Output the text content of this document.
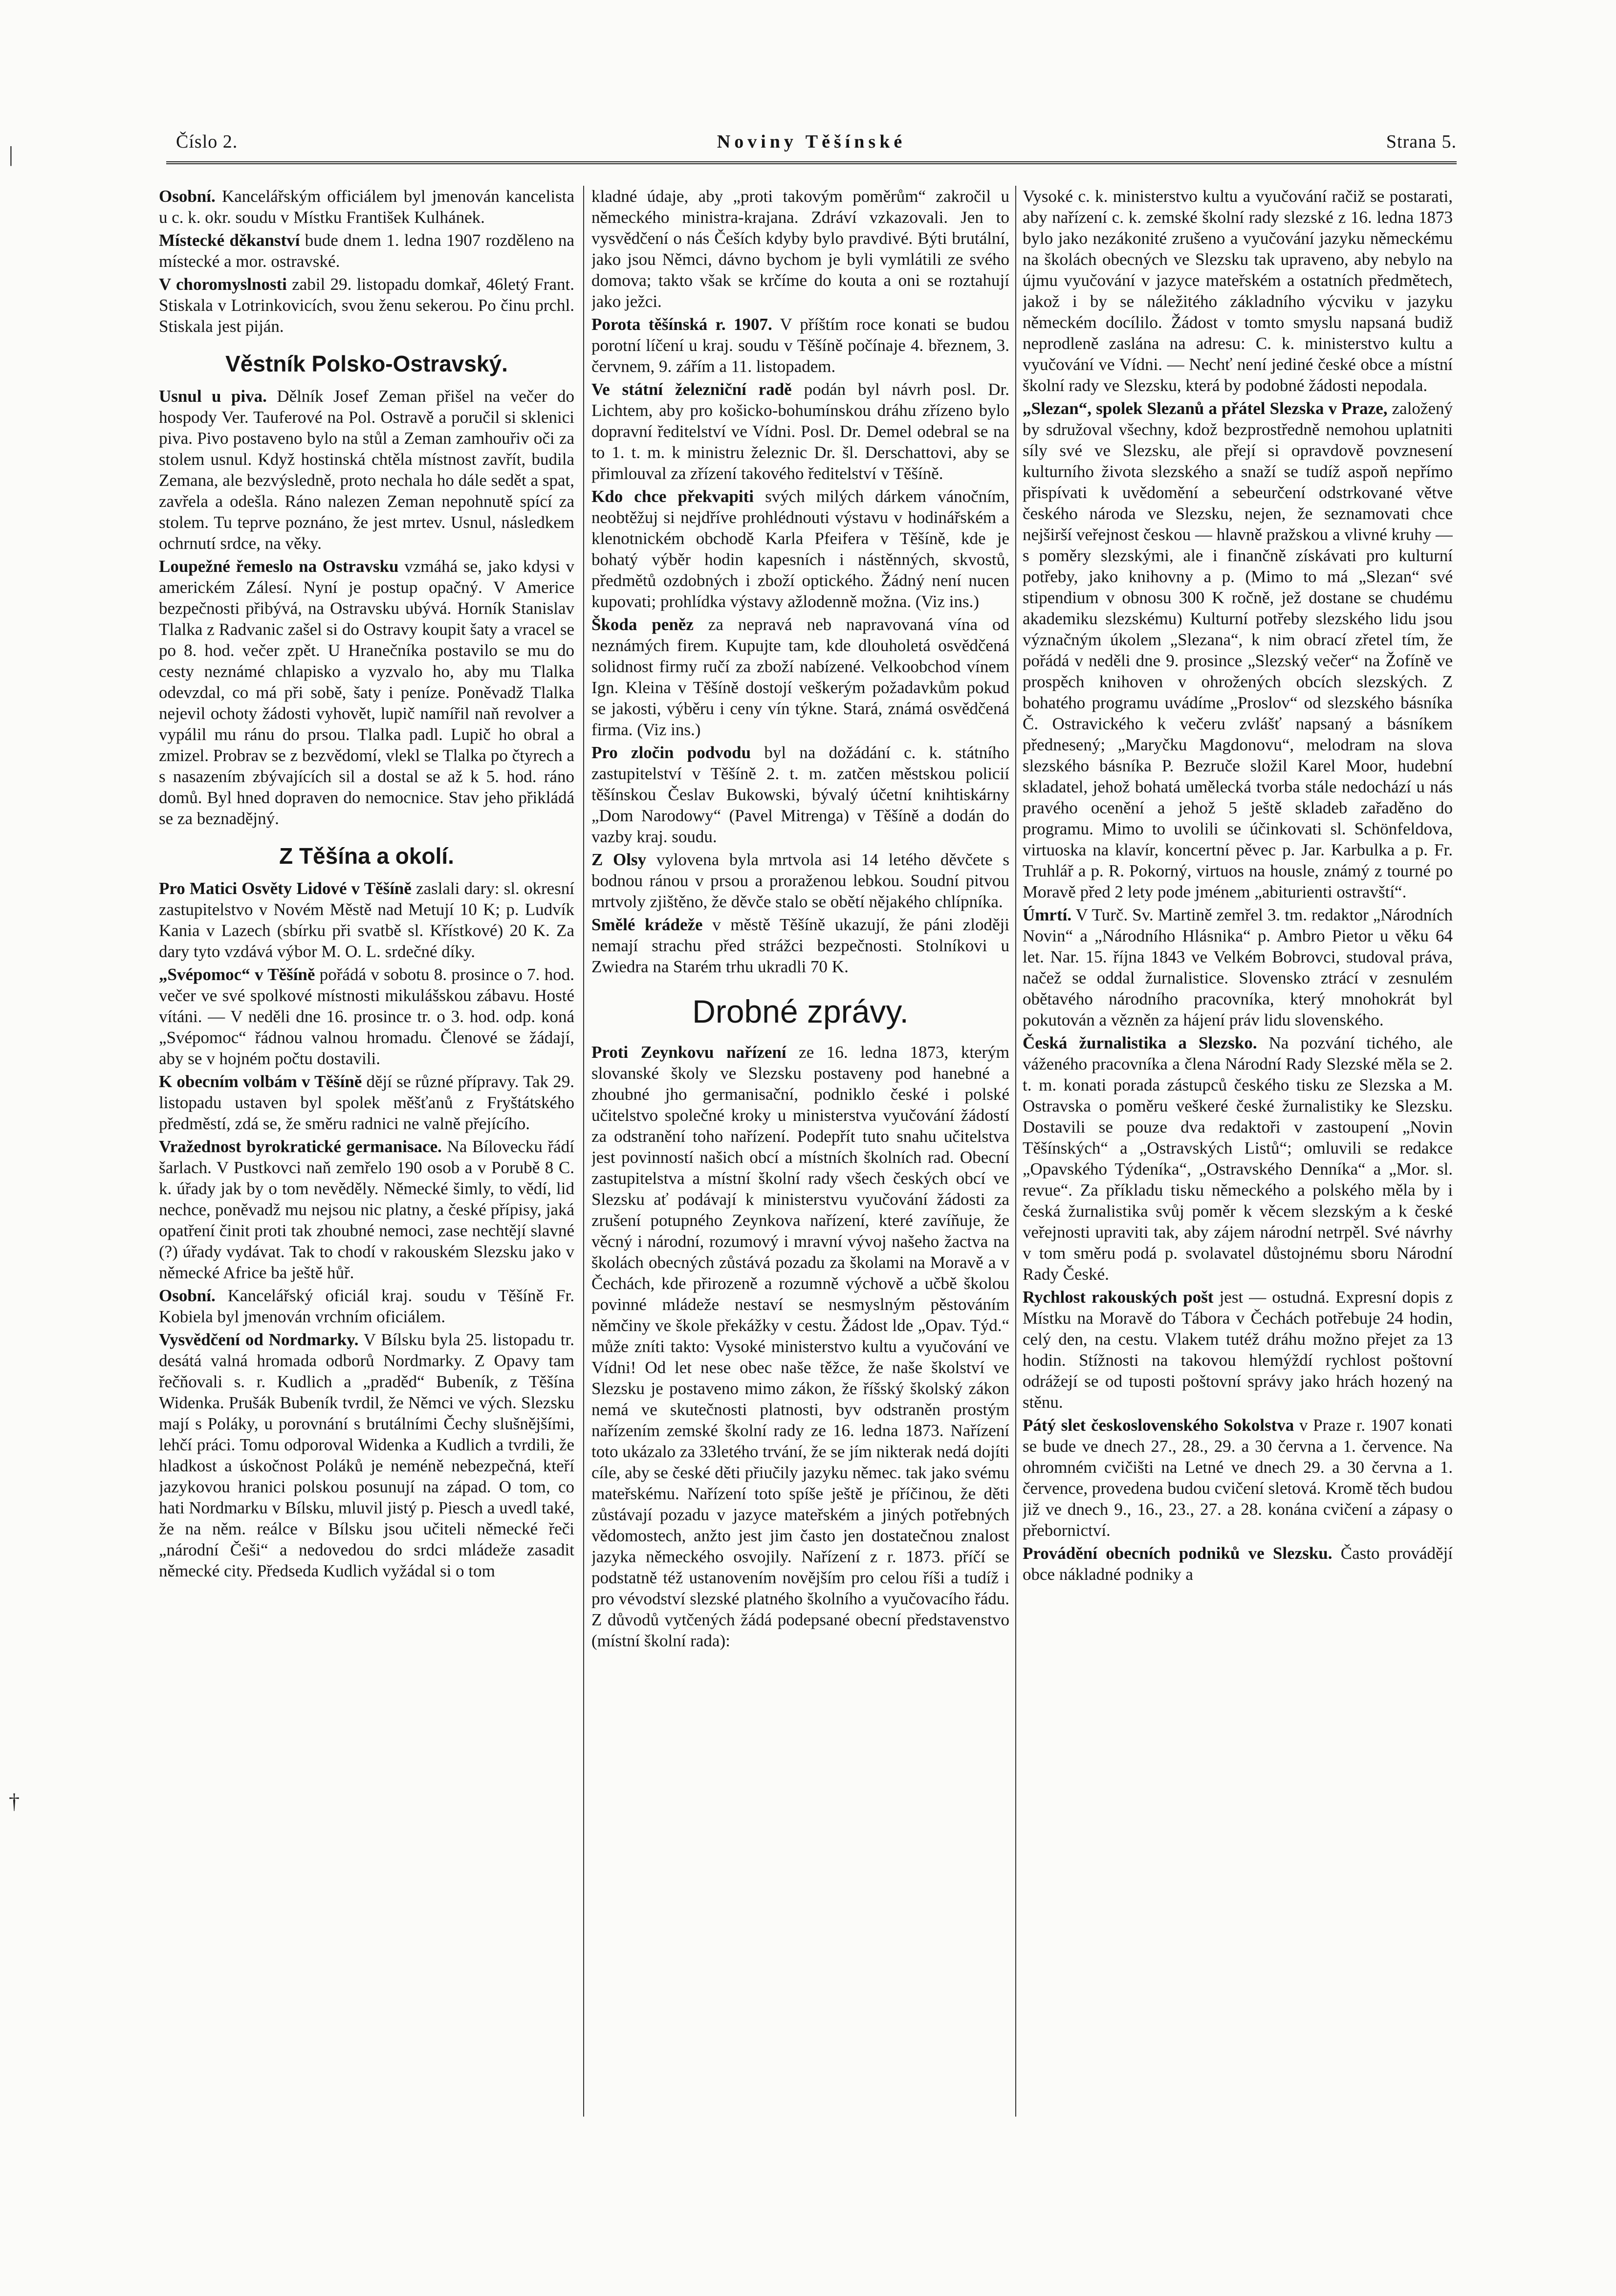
|
†
Číslo 2.	Noviny Těšínské	Strana 5.

Osobní. Kancelářským officiálem byl jmenován kancelista u c. k. okr. soudu v Místku František Kulhánek.

Místecké děkanství bude dnem 1. ledna 1907 rozděleno na místecké a mor. ostravské.

V choromyslnosti zabil 29. listopadu domkař, 46letý Frant. Stiskala v Lotrinkovicích, svou ženu sekerou. Po činu prchl. Stiskala jest piján.

Věstník Polsko-Ostravský.

Usnul u piva. Dělník Josef Zeman přišel na večer do hospody Ver. Tauferové na Pol. Ostravě a poručil si sklenici piva. Pivo postaveno bylo na stůl a Zeman zamhouřiv oči za stolem usnul. Když hostinská chtěla místnost zavřít, budila Zemana, ale bezvýsledně, proto nechala ho dále sedět a spat, zavřela a odešla. Ráno nalezen Zeman nepohnutě spící za stolem. Tu teprve poznáno, že jest mrtev. Usnul, následkem ochrnutí srdce, na věky.

Loupežné řemeslo na Ostravsku vzmáhá se, jako kdysi v americkém Zálesí. Nyní je postup opačný. V Americe bezpečnosti přibývá, na Ostravsku ubývá. Horník Stanislav Tlalka z Radvanic zašel si do Ostravy koupit šaty a vracel se po 8. hod. večer zpět. U Hranečníka postavilo se mu do cesty neznámé chlapisko a vyzvalo ho, aby mu Tlalka odevzdal, co má při sobě, šaty i peníze. Poněvadž Tlalka nejevil ochoty žádosti vyhovět, lupič namířil naň revolver a vypálil mu ránu do prsou. Tlalka padl. Lupič ho obral a zmizel. Probrav se z bezvědomí, vlekl se Tlalka po čtyrech a s nasazením zbývajících sil a dostal se až k 5. hod. ráno domů. Byl hned dopraven do nemocnice. Stav jeho přikládá se za beznadějný.

Z Těšína a okolí.

Pro Matici Osvěty Lidové v Těšíně zaslali dary: sl. okresní zastupitelstvo v Novém Městě nad Metují 10 K; p. Ludvík Kania v Lazech (sbírku při svatbě sl. Křístkové) 20 K. Za dary tyto vzdává výbor M. O. L. srdečné díky.

„Svépomoc“ v Těšíně pořádá v sobotu 8. prosince o 7. hod. večer ve své spolkové místnosti mikulášskou zábavu. Hosté vítáni. — V neděli dne 16. prosince tr. o 3. hod. odp. koná „Svépomoc“ řádnou valnou hromadu. Členové se žádají, aby se v hojném počtu dostavili.

K obecním volbám v Těšíně dějí se různé přípravy. Tak 29. listopadu ustaven byl spolek měšťanů z Fryštátského předměstí, zdá se, že směru radnici ne valně přejícího.

Vražednost byrokratické germanisace. Na Bílovecku řádí šarlach. V Pustkovci naň zemřelo 190 osob a v Porubě 8 C. k. úřady jak by o tom nevěděly. Německé šimly, to vědí, lid nechce, poněvadž mu nejsou nic platny, a české přípisy, jaká opatření činit proti tak zhoubné nemoci, zase nechtějí slavné (?) úřady vydávat. Tak to chodí v rakouském Slezsku jako v německé Africe ba ještě hůř.

Osobní. Kancelářský oficiál kraj. soudu v Těšíně Fr. Kobiela byl jmenován vrchním oficiálem.

Vysvědčení od Nordmarky. V Bílsku byla 25. listopadu tr. desátá valná hromada odborů Nordmarky. Z Opavy tam řečňovali s. r. Kudlich a „praděd“ Bubeník, z Těšína Widenka. Prušák Bubeník tvrdil, že Němci ve vých. Slezsku mají s Poláky, u porovnání s brutálními Čechy slušnějšími, lehčí práci. Tomu odporoval Widenka a Kudlich a tvrdili, že hladkost a úskočnost Poláků je neméně nebezpečná, kteří jazykovou hranici polskou posunují na západ. O tom, co hati Nordmarku v Bílsku, mluvil jistý p. Piesch a uvedl také, že na něm. reálce v Bílsku jsou učiteli německé řeči „národní Češi“ a nedovedou do srdci mládeže zasadit německé city. Předseda Kudlich vyžádal si o tom

kladné údaje, aby „proti takovým poměrům“ zakročil u německého ministra-krajana. Zdráví vzkazovali. Jen to vysvědčení o nás Češích kdyby bylo pravdivé. Býti brutální, jako jsou Němci, dávno bychom je byli vymlátili ze svého domova; takto však se krčíme do kouta a oni se roztahují jako ježci.

Porota těšínská r. 1907. V příštím roce konati se budou porotní líčení u kraj. soudu v Těšíně počínaje 4. březnem, 3. červnem, 9. zářím a 11. listopadem.

Ve státní železniční radě podán byl návrh posl. Dr. Lichtem, aby pro košicko-bohumínskou dráhu zřízeno bylo dopravní ředitelství ve Vídni. Posl. Dr. Demel odebral se na to 1. t. m. k ministru železnic Dr. šl. Derschattovi, aby se přimlouval za zřízení takového ředitelství v Těšíně.

Kdo chce překvapiti svých milých dárkem vánočním, neobtěžuj si nejdříve prohlédnouti výstavu v hodinářském a klenotnickém obchodě Karla Pfeifera v Těšíně, kde je bohatý výběr hodin kapesních i nástěnných, skvostů, předmětů ozdobných i zboží optického. Žádný není nucen kupovati; prohlídka výstavy ažlodenně možna. (Viz ins.)

Škoda peněz za nepravá neb napravovaná vína od neznámých firem. Kupujte tam, kde dlouholetá osvědčená solidnost firmy ručí za zboží nabízené. Velkoobchod vínem Ign. Kleina v Těšíně dostojí veškerým požadavkům pokud se jakosti, výběru i ceny vín týkne. Stará, známá osvědčená firma. (Viz ins.)

Pro zločin podvodu byl na dožádání c. k. státního zastupitelství v Těšíně 2. t. m. zatčen městskou policií těšínskou Česlav Bukowski, bývalý účetní knihtiskárny „Dom Narodowy“ (Pavel Mitrenga) v Těšíně a dodán do vazby kraj. soudu.

Z Olsy vylovena byla mrtvola asi 14 letého děvčete s bodnou ránou v prsou a proraženou lebkou. Soudní pitvou mrtvoly zjištěno, že děvče stalo se obětí nějakého chlípníka.

Smělé krádeže v městě Těšíně ukazují, že páni zloději nemají strachu před strážci bezpečnosti. Stolníkovi u Zwiedra na Starém trhu ukradli 70 K.

Drobné zprávy.

Proti Zeynkovu nařízení ze 16. ledna 1873, kterým slovanské školy ve Slezsku postaveny pod hanebné a zhoubné jho germanisační, podniklo české i polské učitelstvo společné kroky u ministerstva vyučování žádostí za odstranění toho nařízení. Podepřít tuto snahu učitelstva jest povinností našich obcí a místních školních rad. Obecní zastupitelstva a místní školní rady všech českých obcí ve Slezsku ať podávají k ministerstvu vyučování žádosti za zrušení potupného Zeynkova nařízení, které zavíňuje, že věcný i národní, rozumový i mravní vývoj našeho žactva na školách obecných zůstává pozadu za školami na Moravě a v Čechách, kde přirozeně a rozumně výchově a učbě školou povinné mládeže nestaví se nesmyslným pěstováním němčiny ve škole překážky v cestu. Žádost lde „Opav. Týd.“ může zníti takto: Vysoké ministerstvo kultu a vyučování ve Vídni! Od let nese obec naše těžce, že naše školství ve Slezsku je postaveno mimo zákon, že říšský školský zákon nemá ve skutečnosti platnosti, byv odstraněn prostým nařízením zemské školní rady ze 16. ledna 1873. Nařízení toto ukázalo za 33letého trvání, že se jím nikterak nedá dojíti cíle, aby se české děti přiučily jazyku němec. tak jako svému mateřskému. Nařízení toto spíše ještě je příčinou, že děti zůstávají pozadu v jazyce mateřském a jiných potřebných vědomostech, anžto jest jim často jen dostatečnou znalost jazyka německého osvojily. Nařízení z r. 1873. příčí se podstatně též ustanovením novějším pro celou říši a tudíž i pro vévodství slezské platného školního a vyučovacího řádu. Z důvodů vytčených žádá podepsané obecní představenstvo (místní školní rada):

Vysoké c. k. ministerstvo kultu a vyučování račiž se postarati, aby nařízení c. k. zemské školní rady slezské z 16. ledna 1873 bylo jako nezákonité zrušeno a vyučování jazyku německému na školách obecných ve Slezsku tak upraveno, aby nebylo na újmu vyučování v jazyce mateřském a ostatních předmětech, jakož i by se náležitého základního výcviku v jazyku německém docílilo. Žádost v tomto smyslu napsaná budiž neprodleně zaslána na adresu: C. k. ministerstvo kultu a vyučování ve Vídni. — Nechť není jediné české obce a místní školní rady ve Slezsku, která by podobné žádosti nepodala.

„Slezan“, spolek Slezanů a přátel Slezska v Praze, založený by sdružoval všechny, kdož bezprostředně nemohou uplatniti síly své ve Slezsku, ale přejí si opravdově povznesení kulturního života slezského a snaží se tudíž aspoň nepřímo přispívati k uvědomění a sebeurčení odstrkované větve českého národa ve Slezsku, nejen, že seznamovati chce nejširší veřejnost českou — hlavně pražskou a vlivné kruhy — s poměry slezskými, ale i finančně získávati pro kulturní potřeby, jako knihovny a p. (Mimo to má „Slezan“ své stipendium v obnosu 300 K ročně, jež dostane se chudému akademiku slezskému) Kulturní potřeby slezského lidu jsou význačným úkolem „Slezana“, k nim obrací zřetel tím, že pořádá v neděli dne 9. prosince „Slezský večer“ na Žofíně ve prospěch knihoven v ohrožených obcích slezských. Z bohatého programu uvádíme „Proslov“ od slezského básníka Č. Ostravického k večeru zvlášť napsaný a básníkem přednesený; „Maryčku Magdonovu“, melodram na slova slezského básníka P. Bezruče složil Karel Moor, hudební skladatel, jehož bohatá umělecká tvorba stále nedochází u nás pravého ocenění a jehož 5 ještě skladeb zařaděno do programu. Mimo to uvolili se účinkovati sl. Schönfeldova, virtuoska na klavír, koncertní pěvec p. Jar. Karbulka a p. Fr. Truhlář a p. R. Pokorný, virtuos na housle, známý z tourné po Moravě před 2 lety pode jménem „abiturienti ostravští“.

Úmrtí. V Turč. Sv. Martině zemřel 3. tm. redaktor „Národních Novin“ a „Národního Hlásnika“ p. Ambro Pietor u věku 64 let. Nar. 15. října 1843 ve Velkém Bobrovci, studoval práva, načež se oddal žurnalistice. Slovensko ztrácí v zesnulém obětavého národního pracovníka, který mnohokrát byl pokutován a vězněn za hájení práv lidu slovenského.

Česká žurnalistika a Slezsko. Na pozvání tichého, ale váženého pracovníka a člena Národní Rady Slezské měla se 2. t. m. konati porada zástupců českého tisku ze Slezska a M. Ostravska o poměru veškeré české žurnalistiky ke Slezsku. Dostavili se pouze dva redaktoři v zastoupení „Novin Těšínských“ a „Ostravských Listů“; omluvili se redakce „Opavského Týdeníka“, „Ostravského Denníka“ a „Mor. sl. revue“. Za příkladu tisku německého a polského měla by i česká žurnalistika svůj poměr k věcem slezským a k české veřejnosti upraviti tak, aby zájem národní netrpěl. Své návrhy v tom směru podá p. svolavatel důstojnému sboru Národní Rady České.

Rychlost rakouských pošt jest — ostudná. Expresní dopis z Místku na Moravě do Tábora v Čechách potřebuje 24 hodin, celý den, na cestu. Vlakem tutéž dráhu možno přejet za 13 hodin. Stížnosti na takovou hlemýždí rychlost poštovní odrážejí se od tuposti poštovní správy jako hrách hozený na stěnu.

Pátý slet československého Sokolstva v Praze r. 1907 konati se bude ve dnech 27., 28., 29. a 30 června a 1. července. Na ohromném cvičišti na Letné ve dnech 29. a 30 června a 1. července, provedena budou cvičení sletová. Kromě těch budou již ve dnech 9., 16., 23., 27. a 28. konána cvičení a zápasy o přebornictví.

Provádění obecních podniků ve Slezsku. Často provádějí obce nákladné podniky a
